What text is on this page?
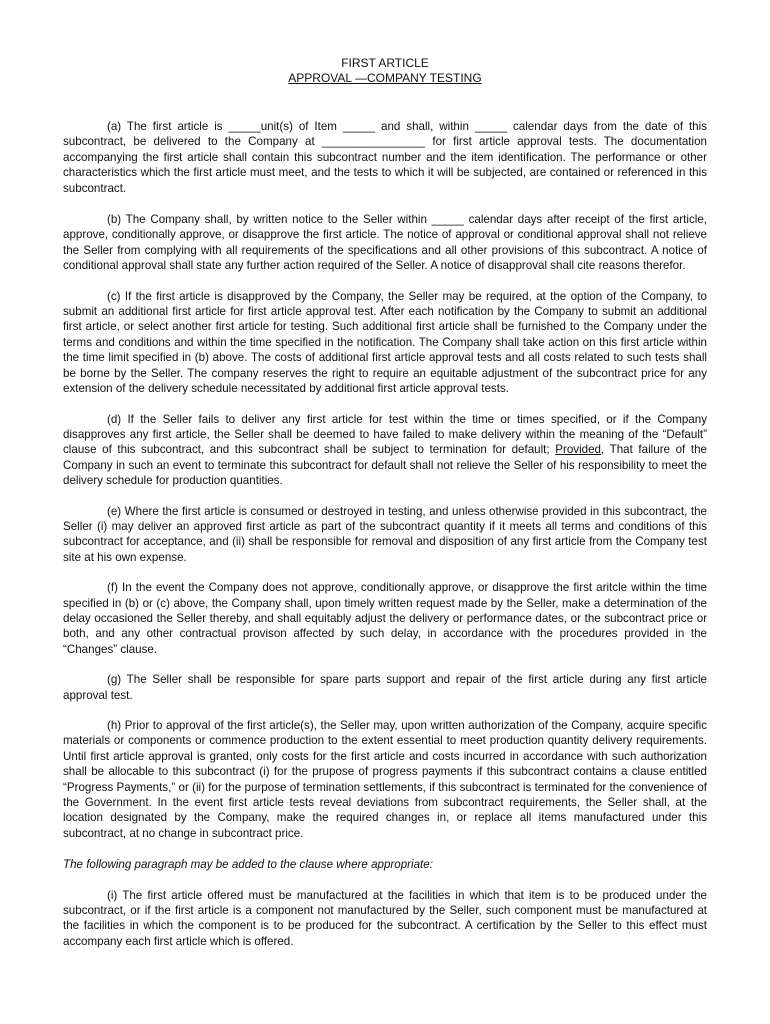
FIRST ARTICLE
APPROVAL —COMPANY TESTING

(a) The first article is _____unit(s) of Item _____ and shall, within _____ calendar days from the date of this subcontract, be delivered to the Company at ________________ for first article approval tests. The documentation accompanying the first article shall contain this subcontract number and the item identification. The performance or other characteristics which the first article must meet, and the tests to which it will be subjected, are contained or referenced in this subcontract.

(b) The Company shall, by written notice to the Seller within _____ calendar days after receipt of the first article, approve, conditionally approve, or disapprove the first article. The notice of approval or conditional approval shall not relieve the Seller from complying with all requirements of the specifications and all other provisions of this subcontract. A notice of conditional approval shall state any further action required of the Seller. A notice of disapproval shall cite reasons therefor.

(c) If the first article is disapproved by the Company, the Seller may be required, at the option of the Company, to submit an additional first article for first article approval test. After each notification by the Company to submit an additional first article, or select another first article for testing. Such additional first article shall be furnished to the Company under the terms and conditions and within the time specified in the notification. The Company shall take action on this first article within the time limit specified in (b) above. The costs of additional first article approval tests and all costs related to such tests shall be borne by the Seller. The company reserves the right to require an equitable adjustment of the subcontract price for any extension of the delivery schedule necessitated by additional first article approval tests.

(d) If the Seller fails to deliver any first article for test within the time or times specified, or if the Company disapproves any first article, the Seller shall be deemed to have failed to make delivery within the meaning of the “Default” clause of this subcontract, and this subcontract shall be subject to termination for default; Provided, That failure of the Company in such an event to terminate this subcontract for default shall not relieve the Seller of his responsibility to meet the delivery schedule for production quantities.

(e) Where the first article is consumed or destroyed in testing, and unless otherwise provided in this subcontract, the Seller (i) may deliver an approved first article as part of the subcontract quantity if it meets all terms and conditions of this subcontract for acceptance, and (ii) shall be responsible for removal and disposition of any first article from the Company test site at his own expense.

(f) In the event the Company does not approve, conditionally approve, or disapprove the first aritcle within the time specified in (b) or (c) above, the Company shall, upon timely written request made by the Seller, make a determination of the delay occasioned the Seller thereby, and shall equitably adjust the delivery or performance dates, or the subcontract price or both, and any other contractual provison affected by such delay, in accordance with the procedures provided in the “Changes” clause.

(g) The Seller shall be responsible for spare parts support and repair of the first article during any first article approval test.

(h) Prior to approval of the first article(s), the Seller may, upon written authorization of the Company, acquire specific materials or components or commence production to the extent essential to meet production quantity delivery requirements. Until first article approval is granted, only costs for the first article and costs incurred in accordance with such authorization shall be allocable to this subcontract (i) for the prupose of progress payments if this subcontract contains a clause entitled “Progress Payments,” or (ii) for the purpose of termination settlements, if this subcontract is terminated for the convenience of the Government. In the event first article tests reveal deviations from subcontract requirements, the Seller shall, at the location designated by the Company, make the required changes in, or replace all items manufactured under this subcontract, at no change in subcontract price.

The following paragraph may be added to the clause where appropriate:

(i) The first article offered must be manufactured at the facilities in which that item is to be produced under the subcontract, or if the first article is a component not manufactured by the Seller, such component must be manufactured at the facilities in which the component is to be produced for the subcontract. A certification by the Seller to this effect must accompany each first article which is offered.
